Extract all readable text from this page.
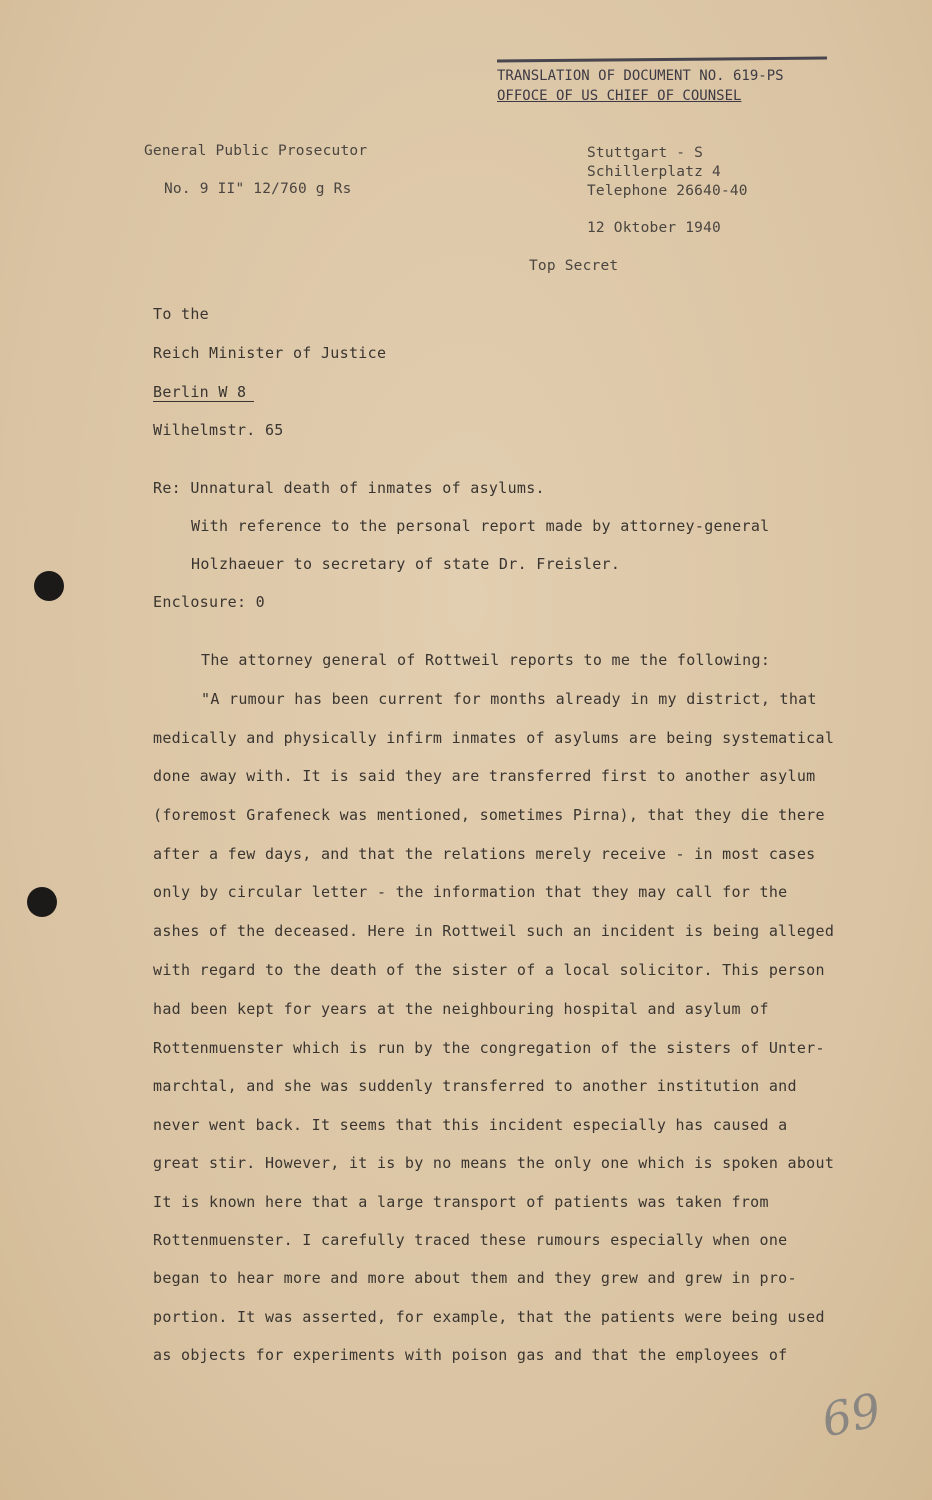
TRANSLATION OF DOCUMENT NO. 619-PS
OFFOCE OF US CHIEF OF COUNSEL
General Public Prosecutor
No. 9 II" 12/760 g Rs
Stuttgart - S
Schillerplatz 4
Telephone 26640-40
12 Oktober 1940
Top Secret
To the
Reich Minister of Justice
Berlin W 8
Wilhelmstr. 65
Re: Unnatural death of inmates of asylums.
With reference to the personal report made by attorney-general
Holzhaeuer to secretary of state Dr. Freisler.
Enclosure: 0
The attorney general of Rottweil reports to me the following:
"A rumour has been current for months already in my district, that
medically and physically infirm inmates of asylums are being systematical
done away with. It is said they are transferred first to another asylum
(foremost Grafeneck was mentioned, sometimes Pirna), that they die there
after a few days, and that the relations merely receive - in most cases
only by circular letter - the information that they may call for the
ashes of the deceased. Here in Rottweil such an incident is being alleged
with regard to the death of the sister of a local solicitor. This person
had been kept for years at the neighbouring hospital and asylum of
Rottenmuenster which is run by the congregation of the sisters of Unter-
marchtal, and she was suddenly transferred to another institution and
never went back. It seems that this incident especially has caused a
great stir. However, it is by no means the only one which is spoken about
It is known here that a large transport of patients was taken from
Rottenmuenster. I carefully traced these rumours especially when one
began to hear more and more about them and they grew and grew in pro-
portion. It was asserted, for example, that the patients were being used
as objects for experiments with poison gas and that the employees of
69
